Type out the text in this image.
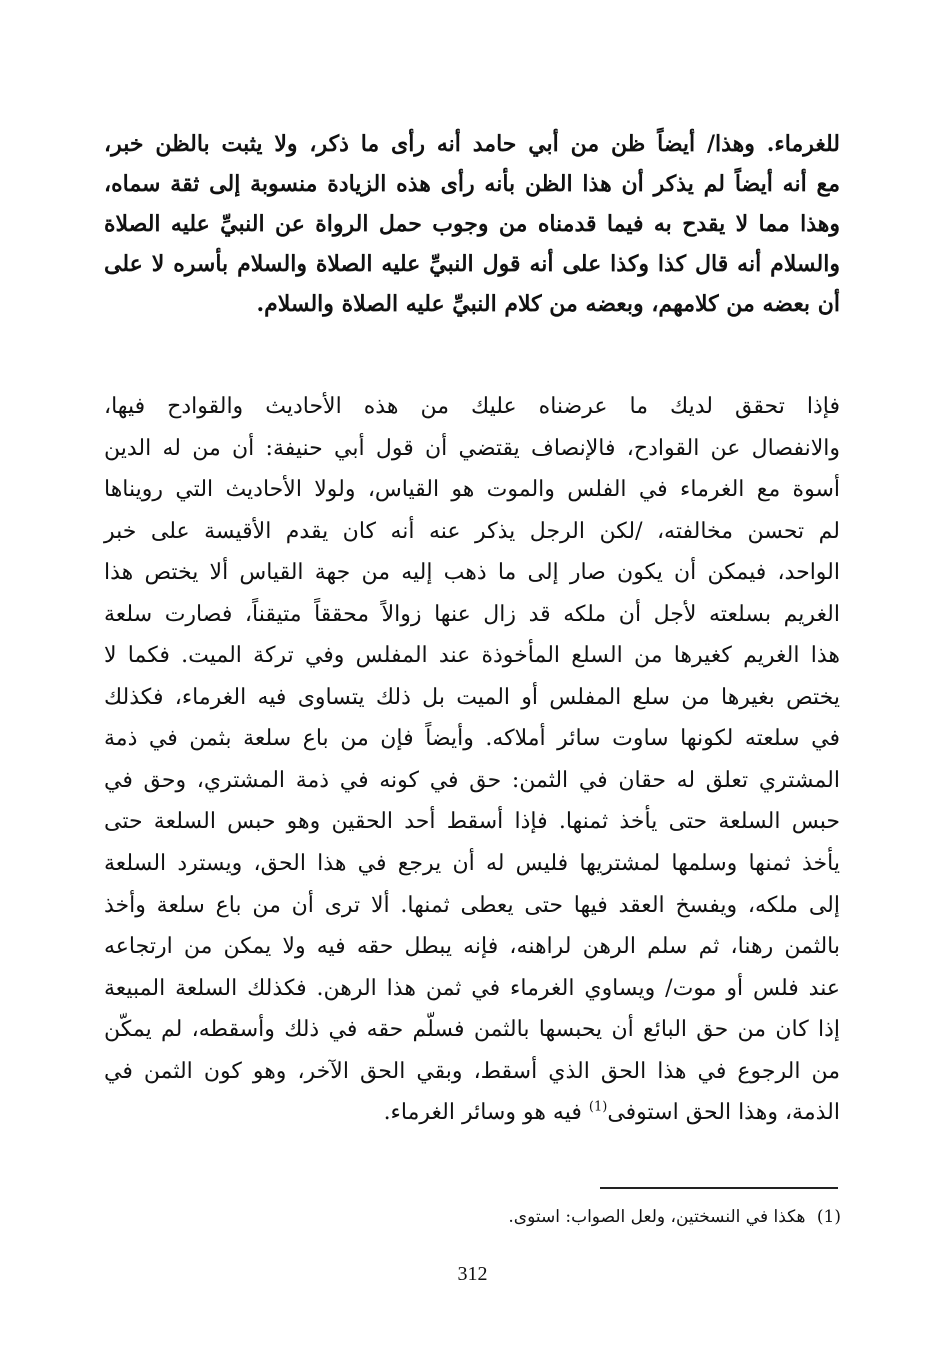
للغرماء. وهذا/ أيضاً ظن من أبي حامد أنه رأى ما ذكر، ولا يثبت بالظن خبر،
مع أنه أيضاً لم يذكر أن هذا الظن بأنه رأى هذه الزيادة منسوبة إلى ثقة سماه،
وهذا مما لا يقدح به فيما قدمناه من وجوب حمل الرواة عن النبيِّ عليه الصلاة
والسلام أنه قال كذا وكذا على أنه قول النبيِّ عليه الصلاة والسلام بأسره لا على
أن بعضه من كلامهم، وبعضه من كلام النبيِّ عليه الصلاة والسلام.
فإذا تحقق لديك ما عرضناه عليك من هذه الأحاديث والقوادح فيها،
والانفصال عن القوادح، فالإنصاف يقتضي أن قول أبي حنيفة: أن من له الدين
أسوة مع الغرماء في الفلس والموت هو القياس، ولولا الأحاديث التي رويناها
لم تحسن مخالفته، /لكن الرجل يذكر عنه أنه كان يقدم الأقيسة على خبر
الواحد، فيمكن أن يكون صار إلى ما ذهب إليه من جهة القياس ألا يختص هذا
الغريم بسلعته لأجل أن ملكه قد زال عنها زوالاً محققاً متيقناً، فصارت سلعة
هذا الغريم كغيرها من السلع المأخوذة عند المفلس وفي تركة الميت. فكما لا
يختص بغيرها من سلع المفلس أو الميت بل ذلك يتساوى فيه الغرماء، فكذلك
في سلعته لكونها ساوت سائر أملاكه. وأيضاً فإن من باع سلعة بثمن في ذمة
المشتري تعلق له حقان في الثمن: حق في كونه في ذمة المشتري، وحق في
حبس السلعة حتى يأخذ ثمنها. فإذا أسقط أحد الحقين وهو حبس السلعة حتى
يأخذ ثمنها وسلمها لمشتريها فليس له أن يرجع في هذا الحق، ويسترد السلعة
إلى ملكه، ويفسخ العقد فيها حتى يعطى ثمنها. ألا ترى أن من باع سلعة وأخذ
بالثمن رهنا، ثم سلم الرهن لراهنه، فإنه يبطل حقه فيه ولا يمكن من ارتجاعه
عند فلس أو موت/ ويساوي الغرماء في ثمن هذا الرهن. فكذلك السلعة المبيعة
إذا كان من حق البائع أن يحبسها بالثمن فسلّم حقه في ذلك وأسقطه، لم يمكّن
من الرجوع في هذا الحق الذي أسقط، وبقي الحق الآخر، وهو كون الثمن في
الذمة، وهذا الحق استوفى$^{(1)}$ فيه هو وسائر الغرماء.
(1) هكذا في النسختين، ولعل الصواب: استوى.
312
